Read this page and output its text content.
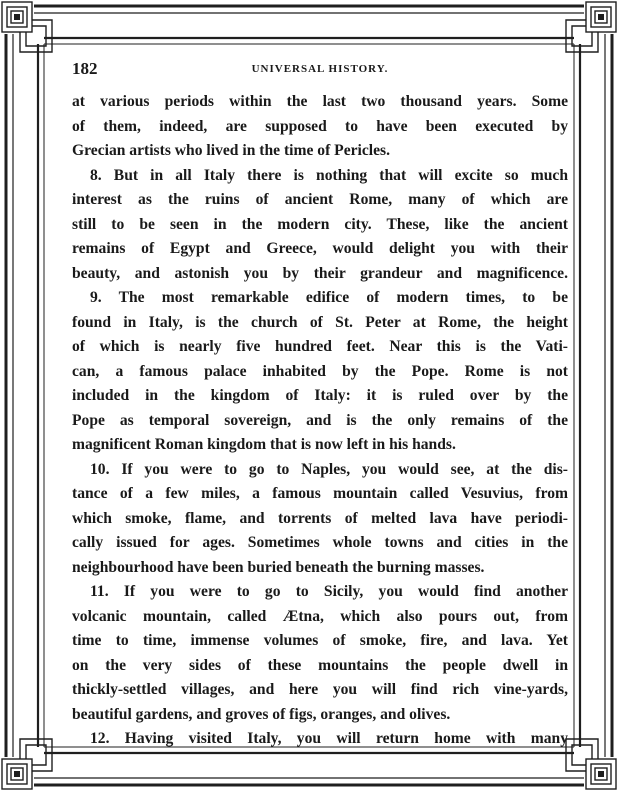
182	UNIVERSAL HISTORY.
at various periods within the last two thousand years. Some
of them, indeed, are supposed to have been executed by
Grecian artists who lived in the time of Pericles.
8. But in all Italy there is nothing that will excite so much
interest as the ruins of ancient Rome, many of which are
still to be seen in the modern city. These, like the ancient
remains of Egypt and Greece, would delight you with their
beauty, and astonish you by their grandeur and magnificence.
9. The most remarkable edifice of modern times, to be
found in Italy, is the church of St. Peter at Rome, the height
of which is nearly five hundred feet. Near this is the Vati-
can, a famous palace inhabited by the Pope. Rome is not
included in the kingdom of Italy: it is ruled over by the
Pope as temporal sovereign, and is the only remains of the
magnificent Roman kingdom that is now left in his hands.
10. If you were to go to Naples, you would see, at the dis-
tance of a few miles, a famous mountain called Vesuvius, from
which smoke, flame, and torrents of melted lava have periodi-
cally issued for ages. Sometimes whole towns and cities in the
neighbourhood have been buried beneath the burning masses.
11. If you were to go to Sicily, you would find another
volcanic mountain, called Ætna, which also pours out, from
time to time, immense volumes of smoke, fire, and lava. Yet
on the very sides of these mountains the people dwell in
thickly-settled villages, and here you will find rich vine-yards,
beautiful gardens, and groves of figs, oranges, and olives.
12. Having visited Italy, you will return home with many
